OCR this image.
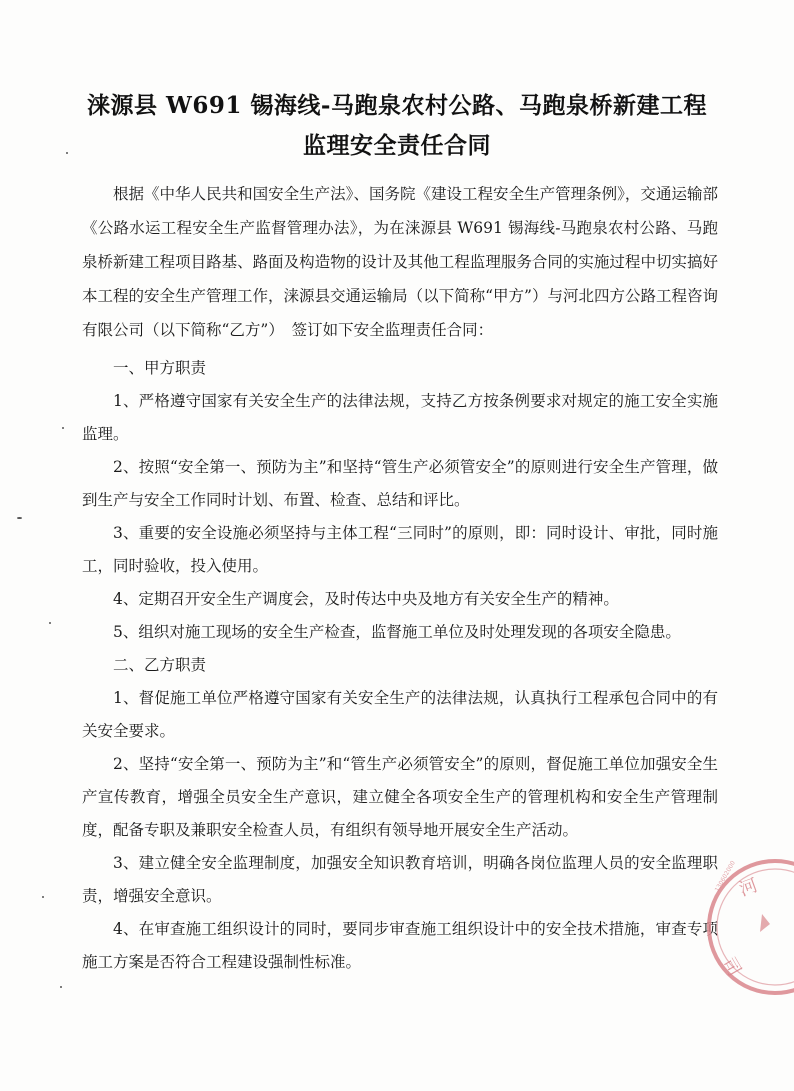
涞源县 W691 锡海线-马跑泉农村公路、马跑泉桥新建工程
监理安全责任合同

根据《中华人民共和国安全生产法》、国务院《建设工程安全生产管理条例》，交通运输部《公路水运工程安全生产监督管理办法》，为在涞源县 W691 锡海线-马跑泉农村公路、马跑泉桥新建工程项目路基、路面及构造物的设计及其他工程监理服务合同的实施过程中切实搞好本工程的安全生产管理工作，涞源县交通运输局（以下简称“甲方”）与河北四方公路工程咨询有限公司（以下简称“乙方”）　签订如下安全监理责任合同：

一、甲方职责

1、严格遵守国家有关安全生产的法律法规，支持乙方按条例要求对规定的施工安全实施监理。

2、按照“安全第一、预防为主”和坚持“管生产必须管安全”的原则进行安全生产管理，做到生产与安全工作同时计划、布置、检查、总结和评比。

3、重要的安全设施必须坚持与主体工程“三同时”的原则，即：同时设计、审批，同时施工，同时验收，投入使用。

4、定期召开安全生产调度会，及时传达中央及地方有关安全生产的精神。

5、组织对施工现场的安全生产检查，监督施工单位及时处理发现的各项安全隐患。

二、乙方职责

1、督促施工单位严格遵守国家有关安全生产的法律法规，认真执行工程承包合同中的有关安全要求。

2、坚持“安全第一、预防为主”和“管生产必须管安全”的原则，督促施工单位加强安全生产宣传教育，增强全员安全生产意识，建立健全各项安全生产的管理机构和安全生产管理制度，配备专职及兼职安全检查人员，有组织有领导地开展安全生产活动。

3、建立健全安全监理制度，加强安全知识教育培训，明确各岗位监理人员的安全监理职责，增强安全意识。

4、在审查施工组织设计的同时，要同步审查施工组织设计中的安全技术措施，审查专项施工方案是否符合工程建设强制性标准。

河
司
130602000
